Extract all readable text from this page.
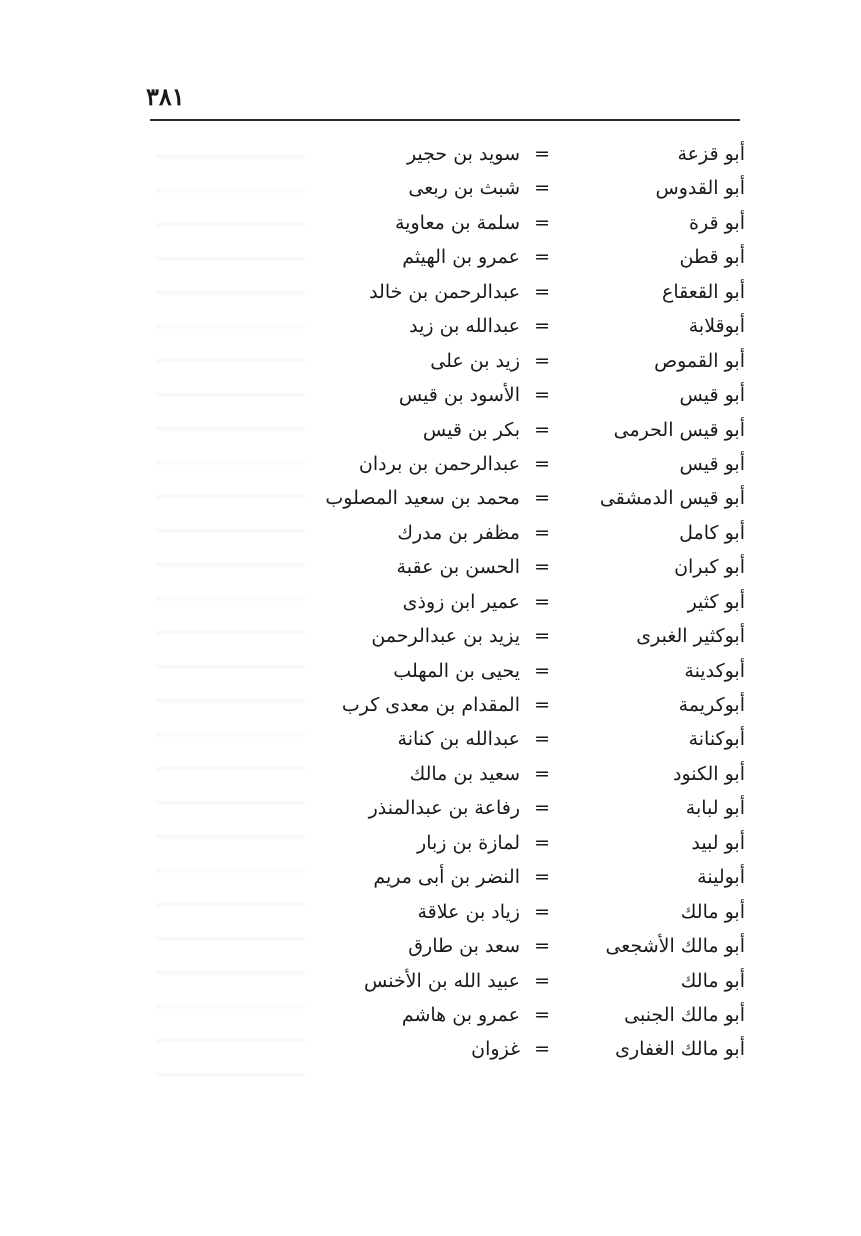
٣٨١
أبو قزعة
=
سويد بن حجير
أبو القدوس
=
شبث بن ربعى
أبو قرة
=
سلمة بن معاوية
أبو قطن
=
عمرو بن الهيثم
أبو القعقاع
=
عبدالرحمن بن خالد
أبوقلابة
=
عبدالله بن زيد
أبو القموص
=
زيد بن على
أبو قيس
=
الأسود بن قيس
أبو قيس الحرمى
=
بكر بن قيس
أبو قيس
=
عبدالرحمن بن بردان
أبو قيس الدمشقى
=
محمد بن سعيد المصلوب
أبو كامل
=
مظفر بن مدرك
أبو كبران
=
الحسن بن عقبة
أبو كثير
=
عمير ابن زوذى
أبوكثير الغبرى
=
يزيد بن عبدالرحمن
أبوكدينة
=
يحيى بن المهلب
أبوكريمة
=
المقدام بن معدى كرب
أبوكنانة
=
عبدالله بن كنانة
أبو الكنود
=
سعيد بن مالك
أبو لبابة
=
رفاعة بن عبدالمنذر
أبو لبيد
=
لمازة بن زبار
أبولينة
=
النضر بن أبى مريم
أبو مالك
=
زياد بن علاقة
أبو مالك الأشجعى
=
سعد بن طارق
أبو مالك
=
عبيد الله بن الأخنس
أبو مالك الجنبى
=
عمرو بن هاشم
أبو مالك الغفارى
=
غزوان
